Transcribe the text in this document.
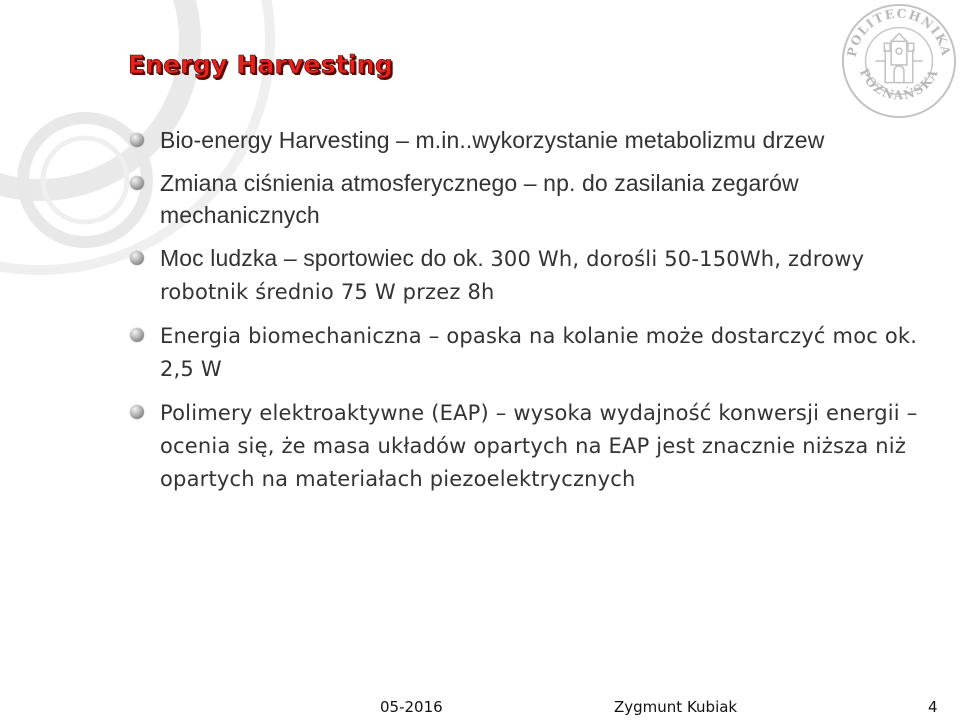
Energy Harvesting	POLITECHNIKA
POZNAŃSKA
Bio-energy Harvesting – m.in..wykorzystanie metabolizmu drzew
Zmiana ciśnienia atmosferycznego – np. do zasilania zegarów mechanicznych
Moc ludzka – sportowiec do ok. 300 Wh, dorośli 50-150Wh, zdrowy robotnik średnio 75 W przez 8h
Energia biomechaniczna – opaska na kolanie może dostarczyć moc ok. 2,5 W
Polimery elektroaktywne (EAP) – wysoka wydajność konwersji energii – ocenia się, że masa układów opartych na EAP jest znacznie niższa niż opartych na materiałach piezoelektrycznych
05-2016	Zygmunt Kubiak	4
